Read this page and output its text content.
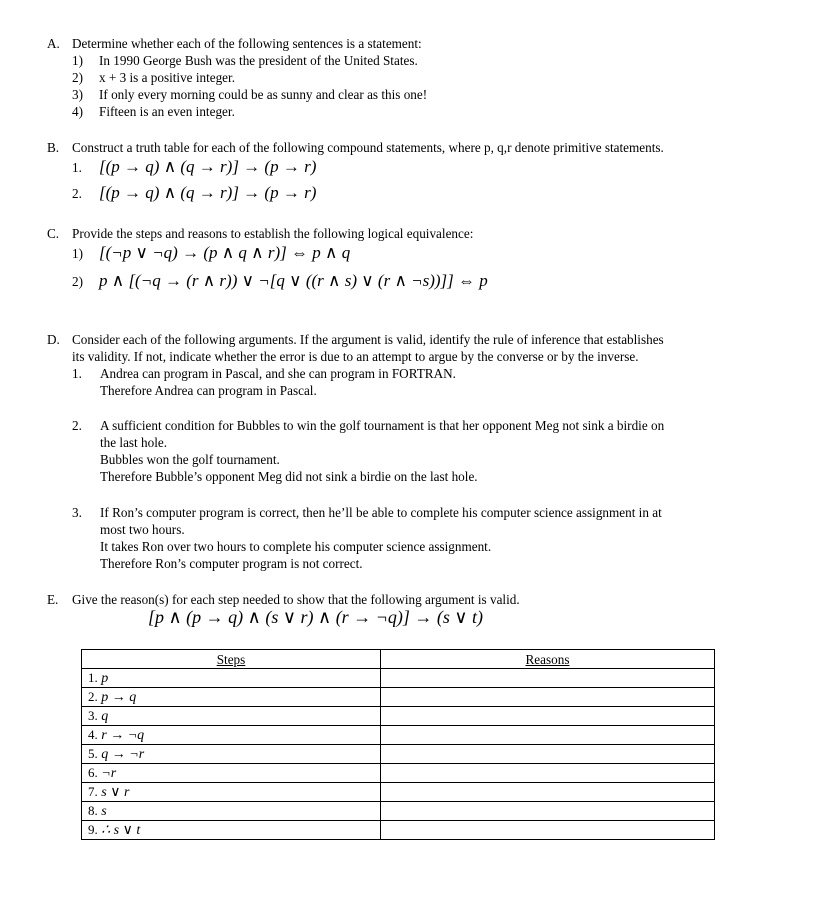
A. Determine whether each of the following sentences is a statement:
1) In 1990 George Bush was the president of the United States.
2) x + 3 is a positive integer.
3) If only every morning could be as sunny and clear as this one!
4) Fifteen is an even integer.
B. Construct a truth table for each of the following compound statements, where p, q,r denote primitive statements.
1. [(p → q) ∧ (q → r)] → (p → r)
2. [(p → q) ∧ (q → r)] → (p → r)
C. Provide the steps and reasons to establish the following logical equivalence:
1) [(¬p ∨ ¬q) → (p ∧ q ∧ r)] ⇔ p ∧ q
2) p ∧ [(¬q → (r ∧ r)) ∨ ¬[q ∨ ((r ∧ s) ∨ (r ∧ ¬s))]] ⇔ p
D. Consider each of the following arguments. If the argument is valid, identify the rule of inference that establishes
its validity. If not, indicate whether the error is due to an attempt to argue by the converse or by the inverse.
1. Andrea can program in Pascal, and she can program in FORTRAN.
Therefore Andrea can program in Pascal.
2. A sufficient condition for Bubbles to win the golf tournament is that her opponent Meg not sink a birdie on
the last hole.
Bubbles won the golf tournament.
Therefore Bubble’s opponent Meg did not sink a birdie on the last hole.
3. If Ron’s computer program is correct, then he’ll be able to complete his computer science assignment in at
most two hours.
It takes Ron over two hours to complete his computer science assignment.
Therefore Ron’s computer program is not correct.
E. Give the reason(s) for each step needed to show that the following argument is valid.
[p ∧ (p → q) ∧ (s ∨ r) ∧ (r → ¬q)] → (s ∨ t)
Steps	Reasons
1. p	
2. p → q	
3. q	
4. r → ¬q	
5. q → ¬r	
6. ¬r	
7. s ∨ r	
8. s	
9. ∴ s ∨ t	
